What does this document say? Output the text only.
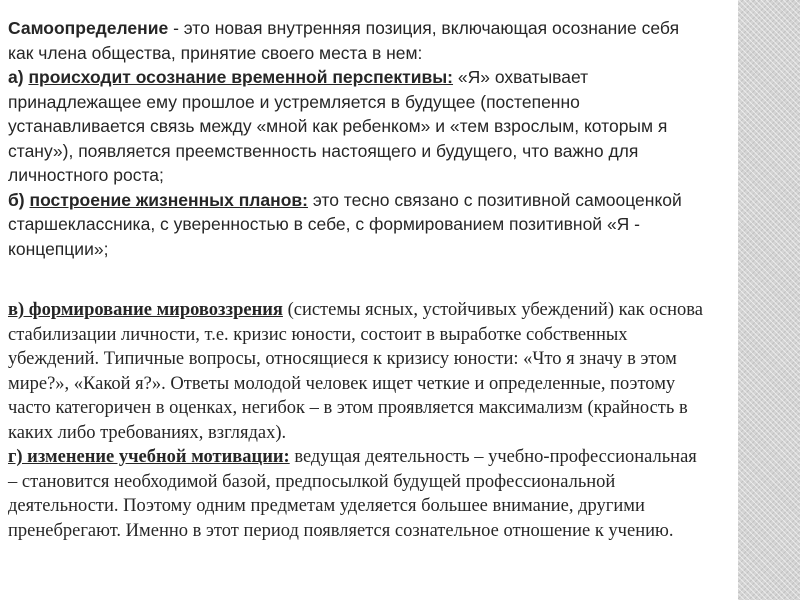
Самоопределение - это новая внутренняя позиция, включающая осознание себя как члена общества, принятие своего места в нем:

а) происходит осознание временной перспективы: «Я» охватывает принадлежащее ему прошлое и устремляется в будущее (постепенно устанавливается связь между «мной как ребенком» и «тем взрослым, которым я стану»), появляется преемственность настоящего и будущего, что важно для личностного роста;

б) построение жизненных планов: это тесно связано с позитивной самооценкой старшеклассника, с уверенностью в себе, с формированием позитивной «Я - концепции»;

в) формирование мировоззрения (системы ясных, устойчивых убеждений) как основа стабилизации личности, т.е. кризис юности, состоит в выработке собственных убеждений. Типичные вопросы, относящиеся к кризису юности: «Что я значу в этом мире?», «Какой я?». Ответы молодой человек ищет четкие и определенные, поэтому часто категоричен в оценках, негибок – в этом проявляется максимализм (крайность в каких либо требованиях, взглядах).

г) изменение учебной мотивации: ведущая деятельность – учебно-профессиональная – становится необходимой базой, предпосылкой будущей профессиональной деятельности. Поэтому одним предметам уделяется большее внимание, другими пренебрегают. Именно в этот период появляется сознательное отношение к учению.
